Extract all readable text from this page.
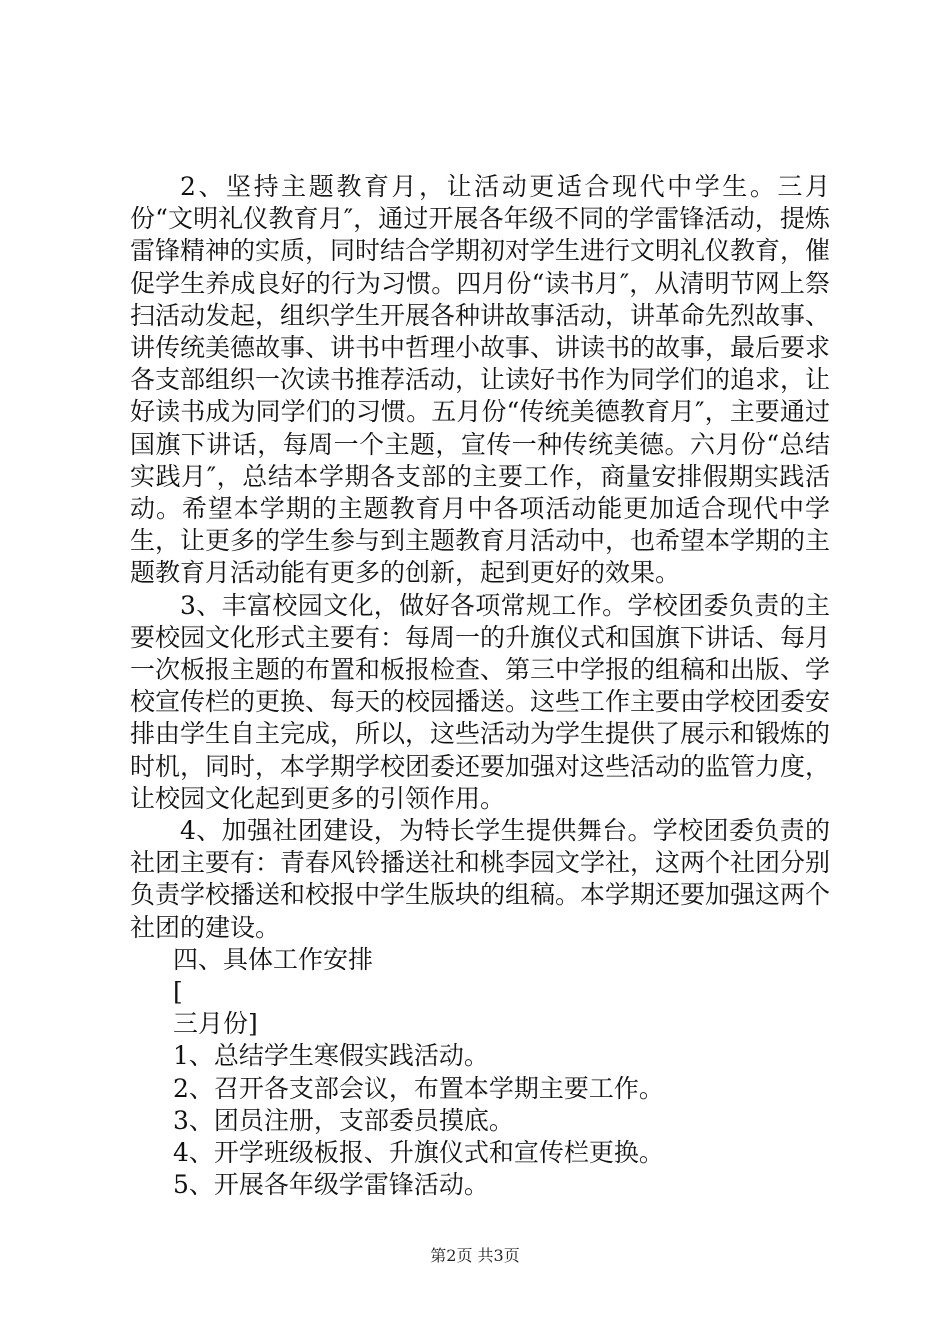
2、坚持主题教育月，让活动更适合现代中学生。三月份“文明礼仪教育月″，通过开展各年级不同的学雷锋活动，提炼雷锋精神的实质，同时结合学期初对学生进行文明礼仪教育，催促学生养成良好的行为习惯。四月份“读书月″，从清明节网上祭扫活动发起，组织学生开展各种讲故事活动，讲革命先烈故事、讲传统美德故事、讲书中哲理小故事、讲读书的故事，最后要求各支部组织一次读书推荐活动，让读好书作为同学们的追求，让好读书成为同学们的习惯。五月份“传统美德教育月″，主要通过国旗下讲话，每周一个主题，宣传一种传统美德。六月份“总结实践月″，总结本学期各支部的主要工作，商量安排假期实践活动。希望本学期的主题教育月中各项活动能更加适合现代中学生，让更多的学生参与到主题教育月活动中，也希望本学期的主题教育月活动能有更多的创新，起到更好的效果。

3、丰富校园文化，做好各项常规工作。学校团委负责的主要校园文化形式主要有：每周一的升旗仪式和国旗下讲话、每月一次板报主题的布置和板报检查、第三中学报的组稿和出版、学校宣传栏的更换、每天的校园播送。这些工作主要由学校团委安排由学生自主完成，所以，这些活动为学生提供了展示和锻炼的时机，同时，本学期学校团委还要加强对这些活动的监管力度，让校园文化起到更多的引领作用。

4、加强社团建设，为特长学生提供舞台。学校团委负责的社团主要有：青春风铃播送社和桃李园文学社，这两个社团分别负责学校播送和校报中学生版块的组稿。本学期还要加强这两个社团的建设。

四、具体工作安排

[

三月份]

1、总结学生寒假实践活动。

2、召开各支部会议，布置本学期主要工作。

3、团员注册，支部委员摸底。

4、开学班级板报、升旗仪式和宣传栏更换。

5、开展各年级学雷锋活动。

第2页 共3页
